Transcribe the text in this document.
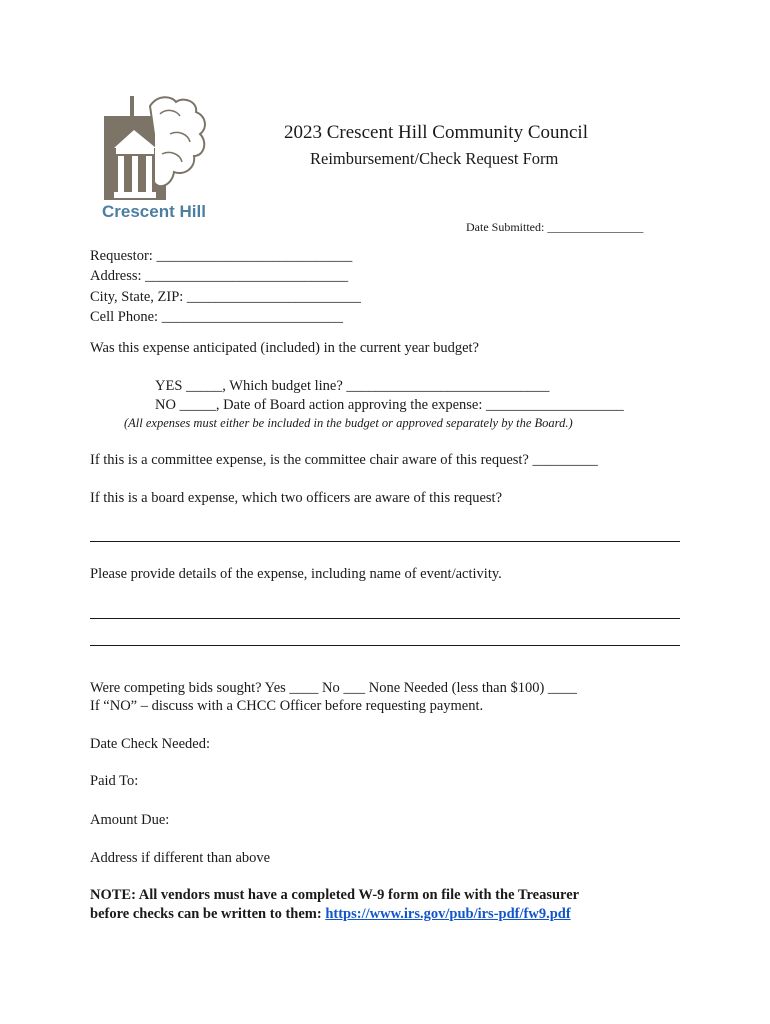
Crescent Hill
2023 Crescent Hill Community Council
Reimbursement/Check Request Form
Date Submitted: ________________
Requestor: ___________________________
Address: ____________________________
City, State, ZIP: ________________________
Cell Phone: _________________________
Was this expense anticipated (included) in the current year budget?
YES _____, Which budget line? ____________________________
NO _____, Date of Board action approving the expense: ___________________
(All expenses must either be included in the budget or approved separately by the Board.)
If this is a committee expense, is the committee chair aware of this request? _________
If this is a board expense, which two officers are aware of this request?
Please provide details of the expense, including name of event/activity.
Were competing bids sought? Yes ____ No ___ None Needed (less than $100) ____
If “NO” – discuss with a CHCC Officer before requesting payment.
Date Check Needed:
Paid To:
Amount Due:
Address if different than above
NOTE: All vendors must have a completed W-9 form on file with the Treasurer
before checks can be written to them: https://www.irs.gov/pub/irs-pdf/fw9.pdf
